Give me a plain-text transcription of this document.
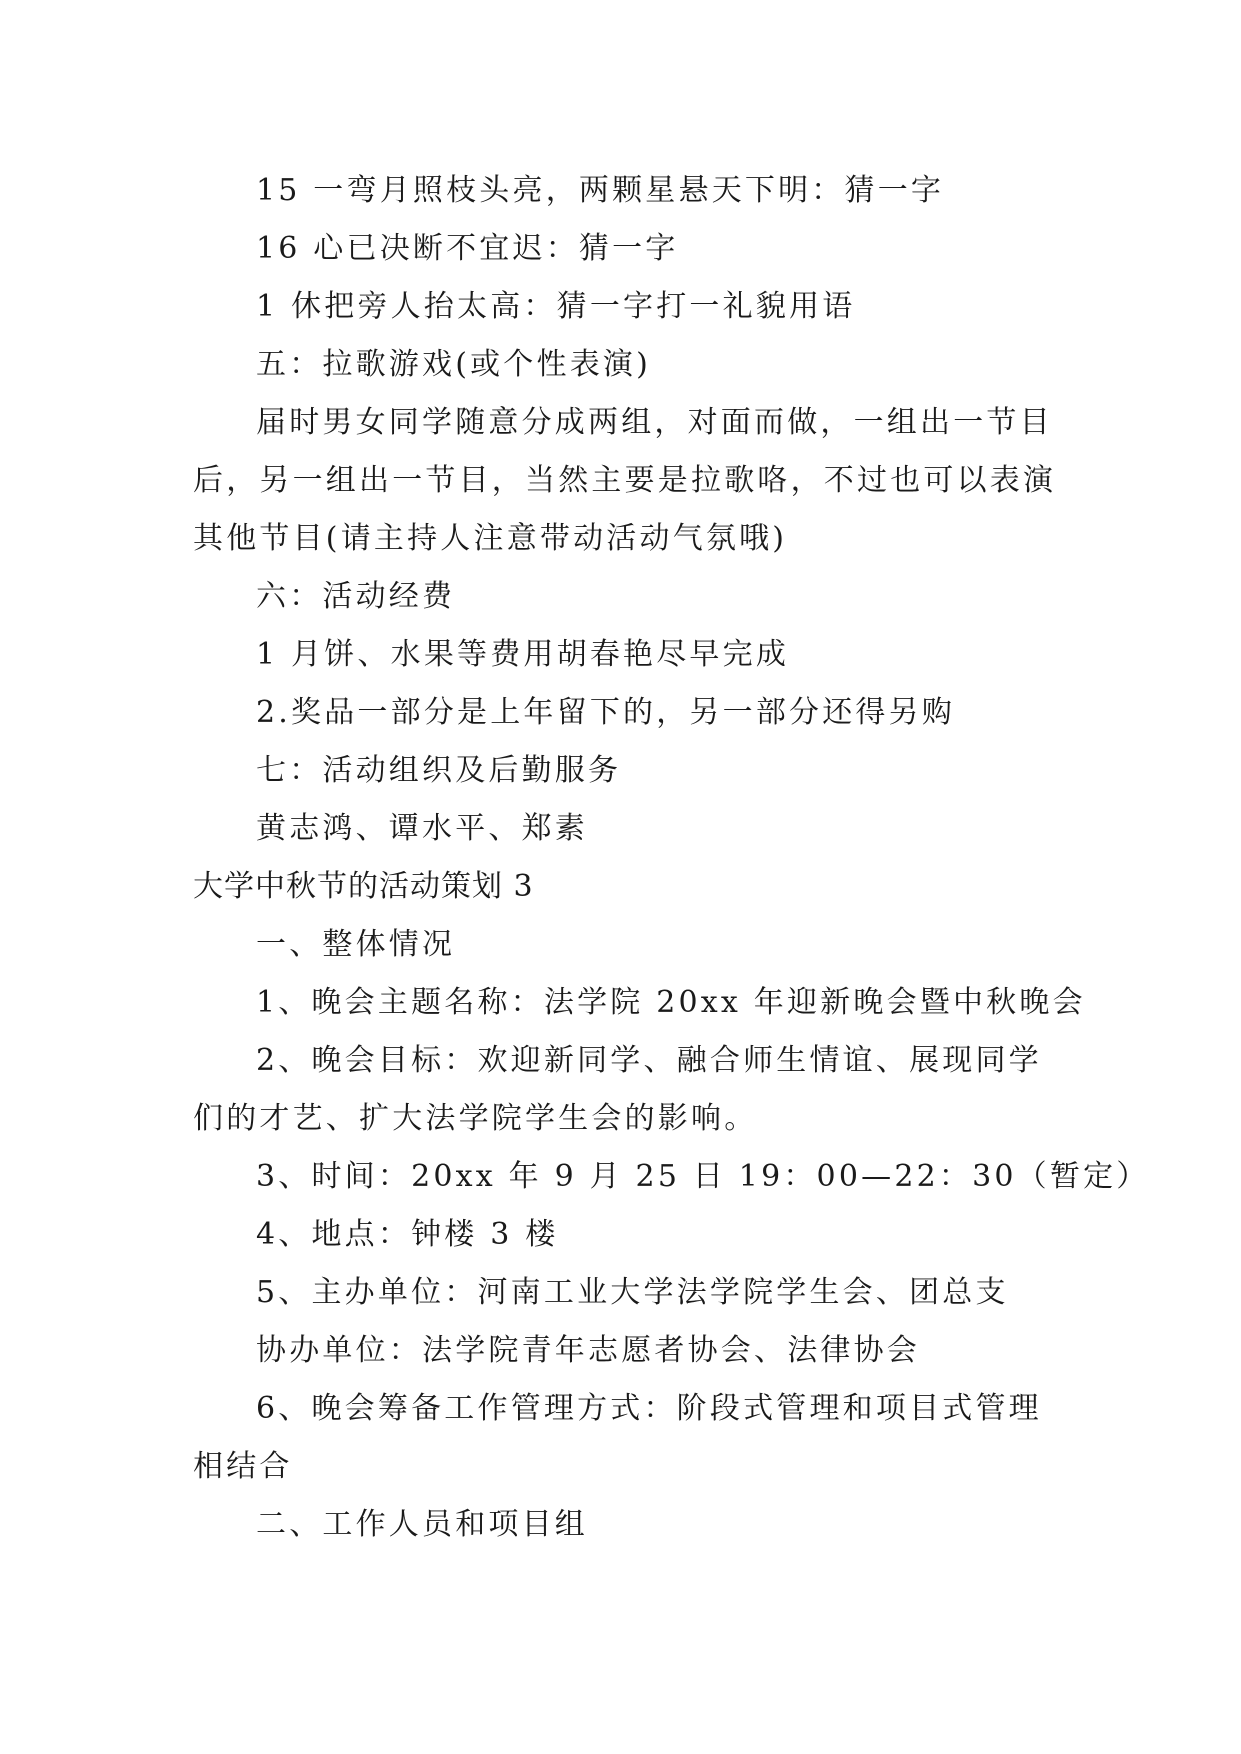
15 一弯月照枝头亮，两颗星悬天下明：猜一字
16 心已决断不宜迟：猜一字
1 休把旁人抬太高：猜一字打一礼貌用语
五：拉歌游戏(或个性表演)
届时男女同学随意分成两组，对面而做，一组出一节目
后，另一组出一节目，当然主要是拉歌咯，不过也可以表演
其他节目(请主持人注意带动活动气氛哦)
六：活动经费
1 月饼、水果等费用胡春艳尽早完成
2.奖品一部分是上年留下的，另一部分还得另购
七：活动组织及后勤服务
黄志鸿、谭水平、郑素
大学中秋节的活动策划 3
一、整体情况
1、晚会主题名称：法学院 20xx 年迎新晚会暨中秋晚会
2、晚会目标：欢迎新同学、融合师生情谊、展现同学
们的才艺、扩大法学院学生会的影响。
3、时间：20xx 年 9 月 25 日 19：00—22：30（暂定）
4、地点：钟楼 3 楼
5、主办单位：河南工业大学法学院学生会、团总支
协办单位：法学院青年志愿者协会、法律协会
6、晚会筹备工作管理方式：阶段式管理和项目式管理
相结合
二、工作人员和项目组
